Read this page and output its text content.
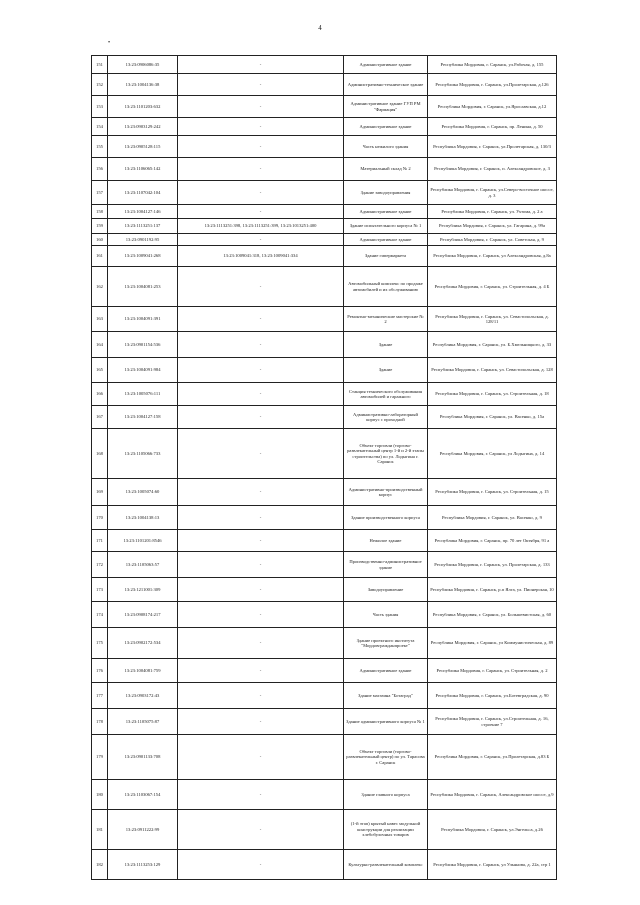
4
•
151	13:23:0906086:35	-	Административное здание	Республика Мордовия, г. Саранск, ул.Рабочая, д. 155
152	13:23:1004136:38	-	Административно-техническое здание	Республика Мордовия, г. Саранск, ул.Пролетарская, д.126
153	13:23:1101203:632	-	Административное здание ГУП РМ "Фармация"	Республика Мордовия, г. Саранск, ул.Ярославская, д.12
154	13:23:0903129:242	-	Административное здание	Республика Мордовия, г. Саранск, пр. Ленина, д. 50
155	13:23:0905128:115	-	Часть нежилого здания	Республика Мордовия, г. Саранск, ул.Пролетарская, д. 130/3
156	13:23:1106065:142	-	Материальный склад № 2	Республика Мордовия, г. Саранск, п. Александровское, д. 3
157	13:23:1107042:104	-	Здание заводоуправления	Республика Мордовия, г. Саранск, ул.Северо-восточное шоссе, д. 3
158	13:23:1004127:146	-	Административное здание	Республика Мордовия, г. Саранск, ул. Ухтома, д. 2 а
159	13:23:1113251:137	13:23:1113251:398, 13:23:1113251:399, 13:23:1013251:400	Здание испытательного корпуса № 1	Республика Мордовия, г. Саранск, ул. Гагарина, д. 99а
160	13:23:0901192:95	-	Административное здание	Республика Мордовия, г. Саранск, ул. Советская, д. 9
161	13:23:1009041:268	13:23:1009041:318, 13:23:1009041:334	Здание гипермаркета	Республика Мордовия, г. Саранск, ул Александровская, д.8а
162	13:23:1004081:253	-	Автомобильный комплекс по продаже автомобилей и их обслуживанию	Республика Мордовия, г. Саранск, ул. Строительная, д. 4 Б
163	13:23:1004091:391	-	Ремонтно-механические мастерские № 2	Республика Мордовия, г. Саранск, ул. Севастопольская, д. 128/11
164	13:23:0901154:536	-	Здание	Республика Мордовия, г. Саранск, ул. Б.Хмельницкого, д. 33
165	13:23:1004091:984	-	Здание	Республика Мордовия, г. Саранск, ул. Севастопольская, д. 128
166	13:23:1005076:111	-	Станция технического обслуживания автомобилей и гаражного	Республика Мордовия, г. Саранск, ул. Строительная, д. 18
167	13:23:1004127:158	-	Административно-лабораторный корпус с проходной	Республика Мордовия, г. Саранск, ул. Васенко, д. 15а
168	13:23:1105066:733	-	Объект торговли (торгово-развлекательный центр 1-й и 2-й этапы строительства) по ул. Лодыгина г. Саранск	Республика Мордовия, г. Саранск, ул Лодыгина, д. 14
169	13:23:1005074:60	-	Административно-производственный корпус	Республика Мордовия, г. Саранск, ул. Строительная, д. 15
170	13:23:1004138:13	-	Здание производственного корпуса	Республика Мордовия, г. Саранск, ул. Васенко, д. 9
171	13:23:1101201:8546	-	Нежилое здание	Республика Мордовия, г. Саранск, пр. 70 лет Октября, 91 а
172	13:23:1105063:57	-	Производственно-административное здание	Республика Мордовия, г. Саранск, ул. Пролетарская, д. 133
173	13:23:1211001:309	-	Заводоуправление	Республика Мордовия, г. Саранск, р.п Ялга, ул. Пионерская, 10
174	13:23:0908174:217	-	Часть здания	Республика Мордовия, г. Саранск, ул. Большевистская, д. 60
175	13:23:0902172:534	-	Здание проектного института "Мордовгражданпроект"	Республика Мордовия, г. Саранск, ул Коммунистическая, д. 89
176	13:23:1004081:759	-	Административное здание	Республика Мордовия, г. Саранск, ул. Строительная, д. 2
177	13:23:0903172:43	-	Здание магазина "Ботаград"	Республика Мордовия, г. Саранск, ул.Ботевградская, д. 90
178	13:23:1105075:87	-	Здание административного корпуса № 1	Республика Мордовия, г. Саранск, ул.Строительная, д. 16, строение 7
179	13:23:0901133:708	-	Объект торговли (торгово-развлекательный центр) по ул. Тарасова г. Саранск	Республика Мордовия, г. Саранск, ул.Пролетарская, д.83 Б
180	13:23:1103067:154	-	Здание главного корпуса	Республика Мордовия, г. Саранск, Александровское шоссе, д.9
181	13:23:0911222:99	-	(1-й этап) крытый навес модульной конструкции для реализации хлебобулочных товаров	Республика Мордовия, г. Саранск, ул.Энгельса, д.26
182	13:23:1113253:129	-	Культурно-развлекательный комплекс	Республика Мордовия, г. Саранск, ул Ульянова, д. 22а, стр 1
